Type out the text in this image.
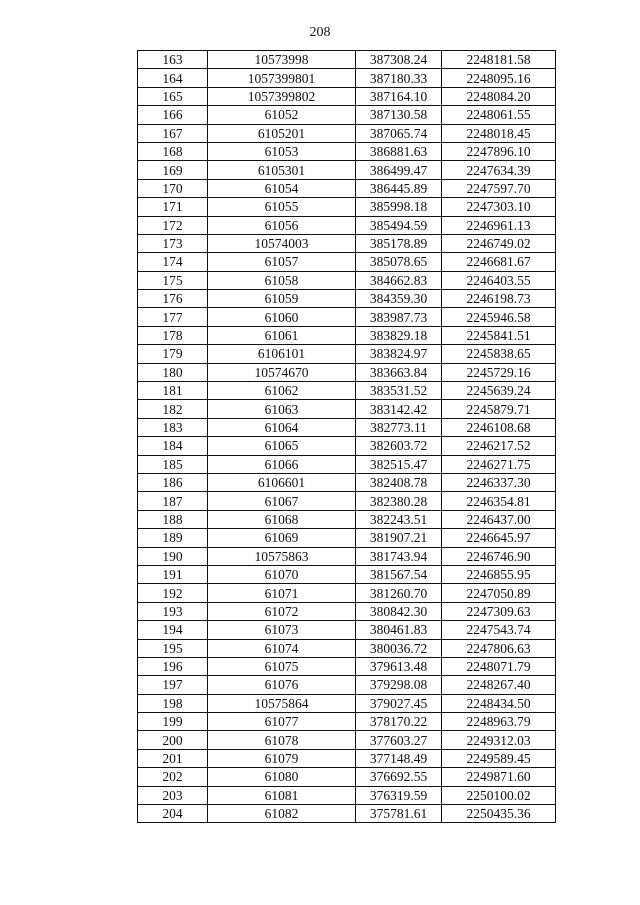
208
163	10573998	387308.24	2248181.58
164	1057399801	387180.33	2248095.16
165	1057399802	387164.10	2248084.20
166	61052	387130.58	2248061.55
167	6105201	387065.74	2248018.45
168	61053	386881.63	2247896.10
169	6105301	386499.47	2247634.39
170	61054	386445.89	2247597.70
171	61055	385998.18	2247303.10
172	61056	385494.59	2246961.13
173	10574003	385178.89	2246749.02
174	61057	385078.65	2246681.67
175	61058	384662.83	2246403.55
176	61059	384359.30	2246198.73
177	61060	383987.73	2245946.58
178	61061	383829.18	2245841.51
179	6106101	383824.97	2245838.65
180	10574670	383663.84	2245729.16
181	61062	383531.52	2245639.24
182	61063	383142.42	2245879.71
183	61064	382773.11	2246108.68
184	61065	382603.72	2246217.52
185	61066	382515.47	2246271.75
186	6106601	382408.78	2246337.30
187	61067	382380.28	2246354.81
188	61068	382243.51	2246437.00
189	61069	381907.21	2246645.97
190	10575863	381743.94	2246746.90
191	61070	381567.54	2246855.95
192	61071	381260.70	2247050.89
193	61072	380842.30	2247309.63
194	61073	380461.83	2247543.74
195	61074	380036.72	2247806.63
196	61075	379613.48	2248071.79
197	61076	379298.08	2248267.40
198	10575864	379027.45	2248434.50
199	61077	378170.22	2248963.79
200	61078	377603.27	2249312.03
201	61079	377148.49	2249589.45
202	61080	376692.55	2249871.60
203	61081	376319.59	2250100.02
204	61082	375781.61	2250435.36
